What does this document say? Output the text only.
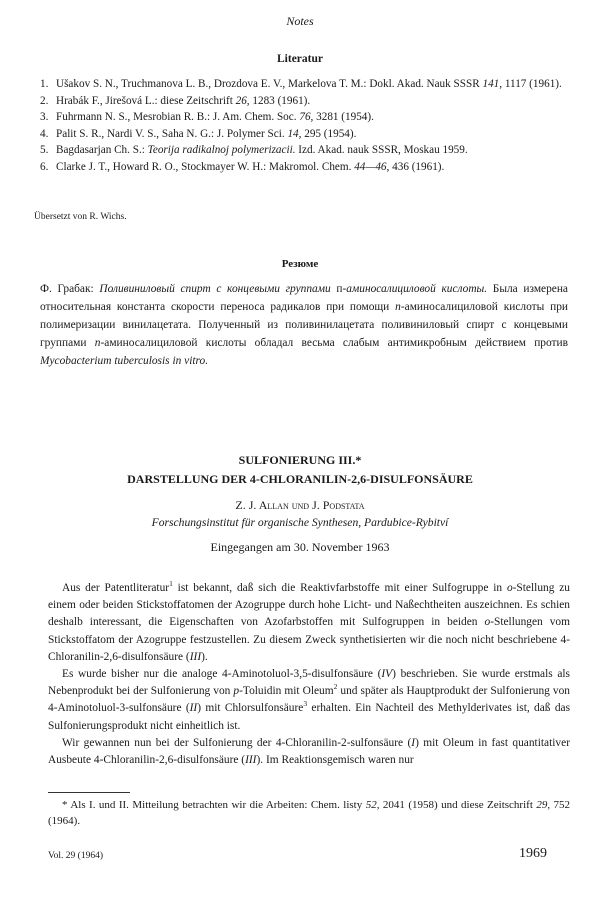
Notes
Literatur
1. Ušakov S. N., Truchmanova L. B., Drozdova E. V., Markelova T. M.: Dokl. Akad. Nauk SSSR 141, 1117 (1961).
2. Hrabák F., Jirešová L.: diese Zeitschrift 26, 1283 (1961).
3. Fuhrmann N. S., Mesrobian R. B.: J. Am. Chem. Soc. 76, 3281 (1954).
4. Palit S. R., Nardi V. S., Saha N. G.: J. Polymer Sci. 14, 295 (1954).
5. Bagdasarjan Ch. S.: Teorija radikalnoj polymerizacii. Izd. Akad. nauk SSSR, Moskau 1959.
6. Clarke J. T., Howard R. O., Stockmayer W. H.: Makromol. Chem. 44—46, 436 (1961).
Übersetzt von R. Wichs.
Резюме

Ф. Грабак: Поливиниловый спирт с концевыми группами п-аминосалициловой кислоты. Была измерена относительная константа скорости переноса радикалов при помощи п-аминосалициловой кислоты при полимеризации винилацетата. Полученный из поливинилацетата поливиниловый спирт с концевыми группами п-аминосалициловой кислоты обладал весьма слабым антимикробным действием против Mycobacterium tuberculosis in vitro.

SULFONIERUNG III.*
DARSTELLUNG DER 4-CHLORANILIN-2,6-DISULFONSÄURE
Z. J. Allan und J. Podstata
Forschungsinstitut für organische Synthesen, Pardubice-Rybitví
Eingegangen am 30. November 1963

Aus der Patentliteratur$^1$ ist bekannt, daß sich die Reaktivfarbstoffe mit einer Sulfogruppe in o-Stellung zu einem oder beiden Stickstoffatomen der Azogruppe durch hohe Licht- und Naßechtheiten auszeichnen. Es schien deshalb interessant, die Eigenschaften von Azofarbstoffen mit Sulfogruppen in beiden o-Stellungen vom Stickstoffatom der Azogruppe festzustellen. Zu diesem Zweck synthetisierten wir die noch nicht beschriebene 4-Chloranilin-2,6-disulfonsäure (III).

Es wurde bisher nur die analoge 4-Aminotoluol-3,5-disulfonsäure (IV) beschrieben. Sie wurde erstmals als Nebenprodukt bei der Sulfonierung von p-Toluidin mit Oleum$^2$ und später als Hauptprodukt der Sulfonierung von 4-Aminotoluol-3-sulfonsäure (II) mit Chlorsulfonsäure$^3$ erhalten. Ein Nachteil des Methylderivates ist, daß das Sulfonierungsprodukt nicht einheitlich ist.

Wir gewannen nun bei der Sulfonierung der 4-Chloranilin-2-sulfonsäure (I) mit Oleum in fast quantitativer Ausbeute 4-Chloranilin-2,6-disulfonsäure (III). Im Reaktionsgemisch waren nur

* Als I. und II. Mitteilung betrachten wir die Arbeiten: Chem. listy 52, 2041 (1958) und diese Zeitschrift 29, 752 (1964).
Vol. 29 (1964)	1969
